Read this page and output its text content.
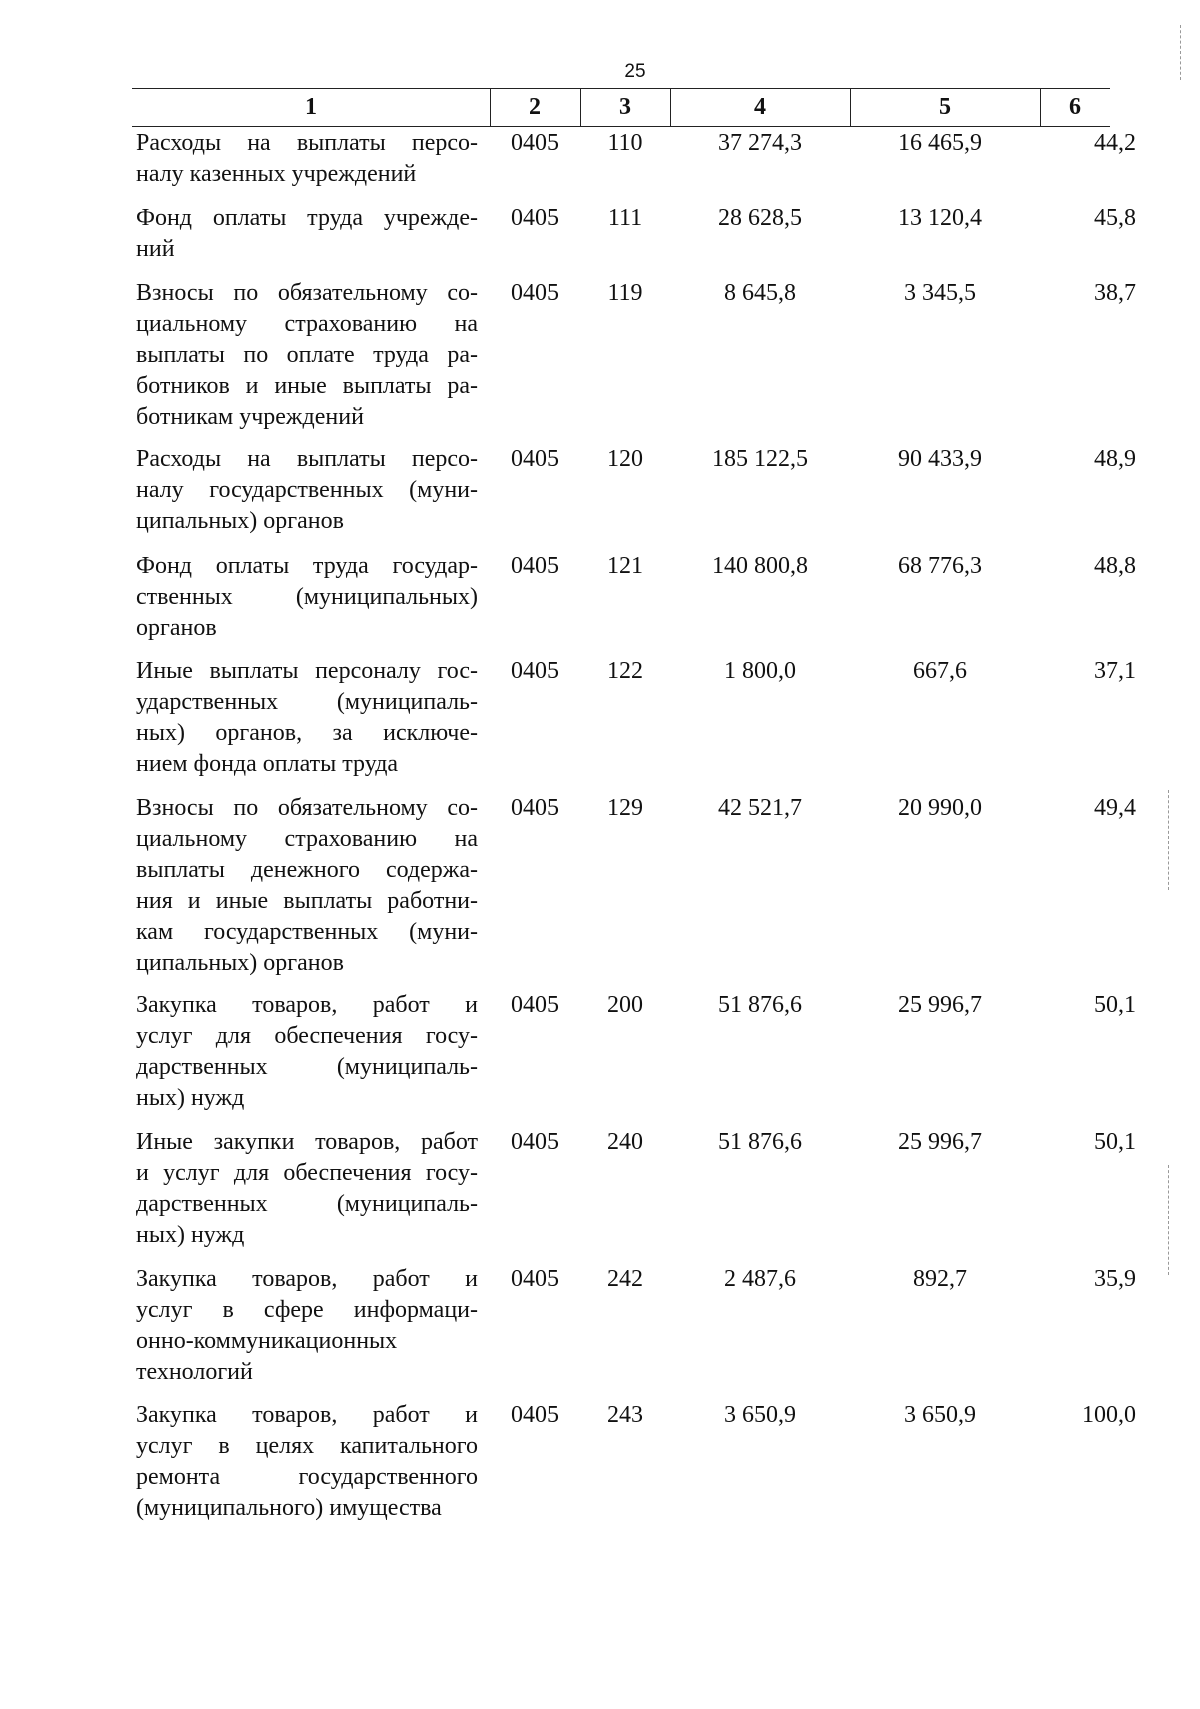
25
1	2	3	4	5	6
Расходы на выплаты персо-
налу казенных учреждений
0405	110	37 274,3	16 465,9	44,2
Фонд оплаты труда учрежде-
ний
0405	111	28 628,5	13 120,4	45,8
Взносы по обязательному со-
циальному страхованию на
выплаты по оплате труда ра-
ботников и иные выплаты ра-
ботникам учреждений
0405	119	8 645,8	3 345,5	38,7
Расходы на выплаты персо-
налу государственных (муни-
ципальных) органов
0405	120	185 122,5	90 433,9	48,9
Фонд оплаты труда государ-
ственных (муниципальных)
органов
0405	121	140 800,8	68 776,3	48,8
Иные выплаты персоналу гос-
ударственных (муниципаль-
ных) органов, за исключе-
нием фонда оплаты труда
0405	122	1 800,0	667,6	37,1
Взносы по обязательному со-
циальному страхованию на
выплаты денежного содержа-
ния и иные выплаты работни-
кам государственных (муни-
ципальных) органов
0405	129	42 521,7	20 990,0	49,4
Закупка товаров, работ и
услуг для обеспечения госу-
дарственных (муниципаль-
ных) нужд
0405	200	51 876,6	25 996,7	50,1
Иные закупки товаров, работ
и услуг для обеспечения госу-
дарственных (муниципаль-
ных) нужд
0405	240	51 876,6	25 996,7	50,1
Закупка товаров, работ и
услуг в сфере информаци-
онно-коммуникационных
технологий
0405	242	2 487,6	892,7	35,9
Закупка товаров, работ и
услуг в целях капитального
ремонта государственного
(муниципального) имущества
0405	243	3 650,9	3 650,9	100,0
